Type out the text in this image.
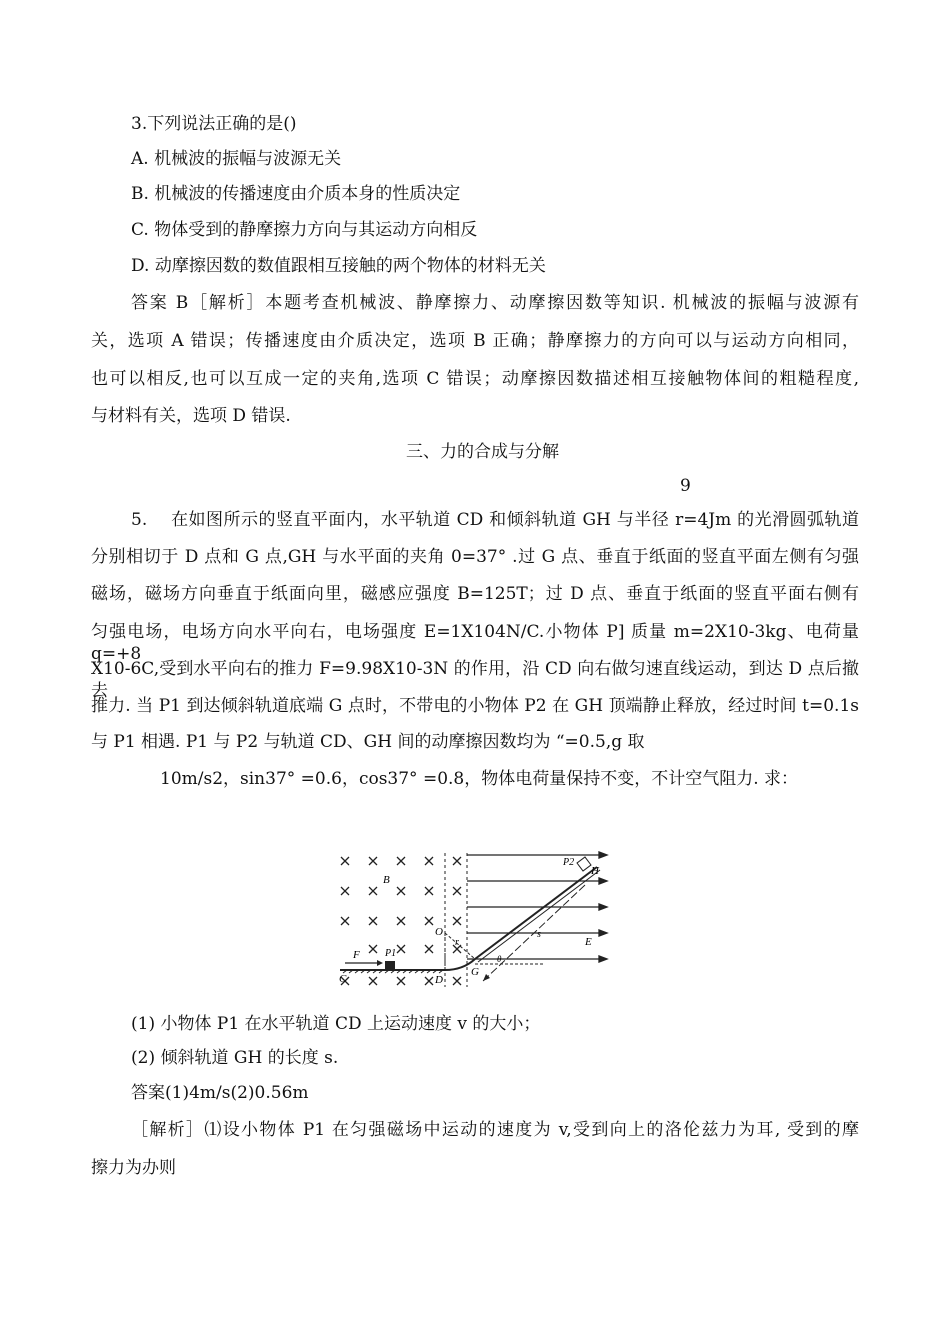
3.下列说法正确的是()
A. 机械波的振幅与波源无关
B. 机械波的传播速度由介质本身的性质决定
C. 物体受到的静摩擦力方向与其运动方向相反
D. 动摩擦因数的数值跟相互接触的两个物体的材料无关
答案 B［解析］本题考查机械波、静摩擦力、动摩擦因数等知识. 机械波的振幅与波源有
关，选项 A 错误；传播速度由介质决定，选项 B 正确；静摩擦力的方向可以与运动方向相同，
也可以相反,也可以互成一定的夹角,选项 C 错误；动摩擦因数描述相互接触物体间的粗糙程度,
与材料有关，选项 D 错误.
三、力的合成与分解
9
5.　 在如图所示的竖直平面内，水平轨道 CD 和倾斜轨道 GH 与半径 r=4Jm 的光滑圆弧轨道
分别相切于 D 点和 G 点,GH 与水平面的夹角 0=37° .过 G 点、垂直于纸面的竖直平面左侧有匀强
磁场，磁场方向垂直于纸面向里，磁感应强度 B=125T；过 D 点、垂直于纸面的竖直平面右侧有
匀强电场，电场方向水平向右，电场强度 E=1X104N/C.小物体 P] 质量 m=2X10-3kg、电荷量 q=+8
X10-6C,受到水平向右的推力 F=9.98X10-3N 的作用，沿 CD 向右做匀速直线运动，到达 D 点后撤去
推力. 当 P1 到达倾斜轨道底端 G 点时，不带电的小物体 P2 在 GH 顶端静止释放，经过时间 t=0.1s
与 P1 相遇. P1 与 P2 与轨道 CD、GH 间的动摩擦因数均为 “=0.5,g 取
10m/s2，sin37° =0.6，cos37° =0.8，物体电荷量保持不变，不计空气阻力. 求：
B
O
r	E
s
F
C	D
G
H
P1
P2
θ
(1) 小物体 P1 在水平轨道 CD 上运动速度 v 的大小；
(2) 倾斜轨道 GH 的长度 s.
答案(1)4m/s(2)0.56m
［解析］⑴设小物体 P1 在匀强磁场中运动的速度为 v,受到向上的洛伦兹力为耳, 受到的摩
擦力为办则
